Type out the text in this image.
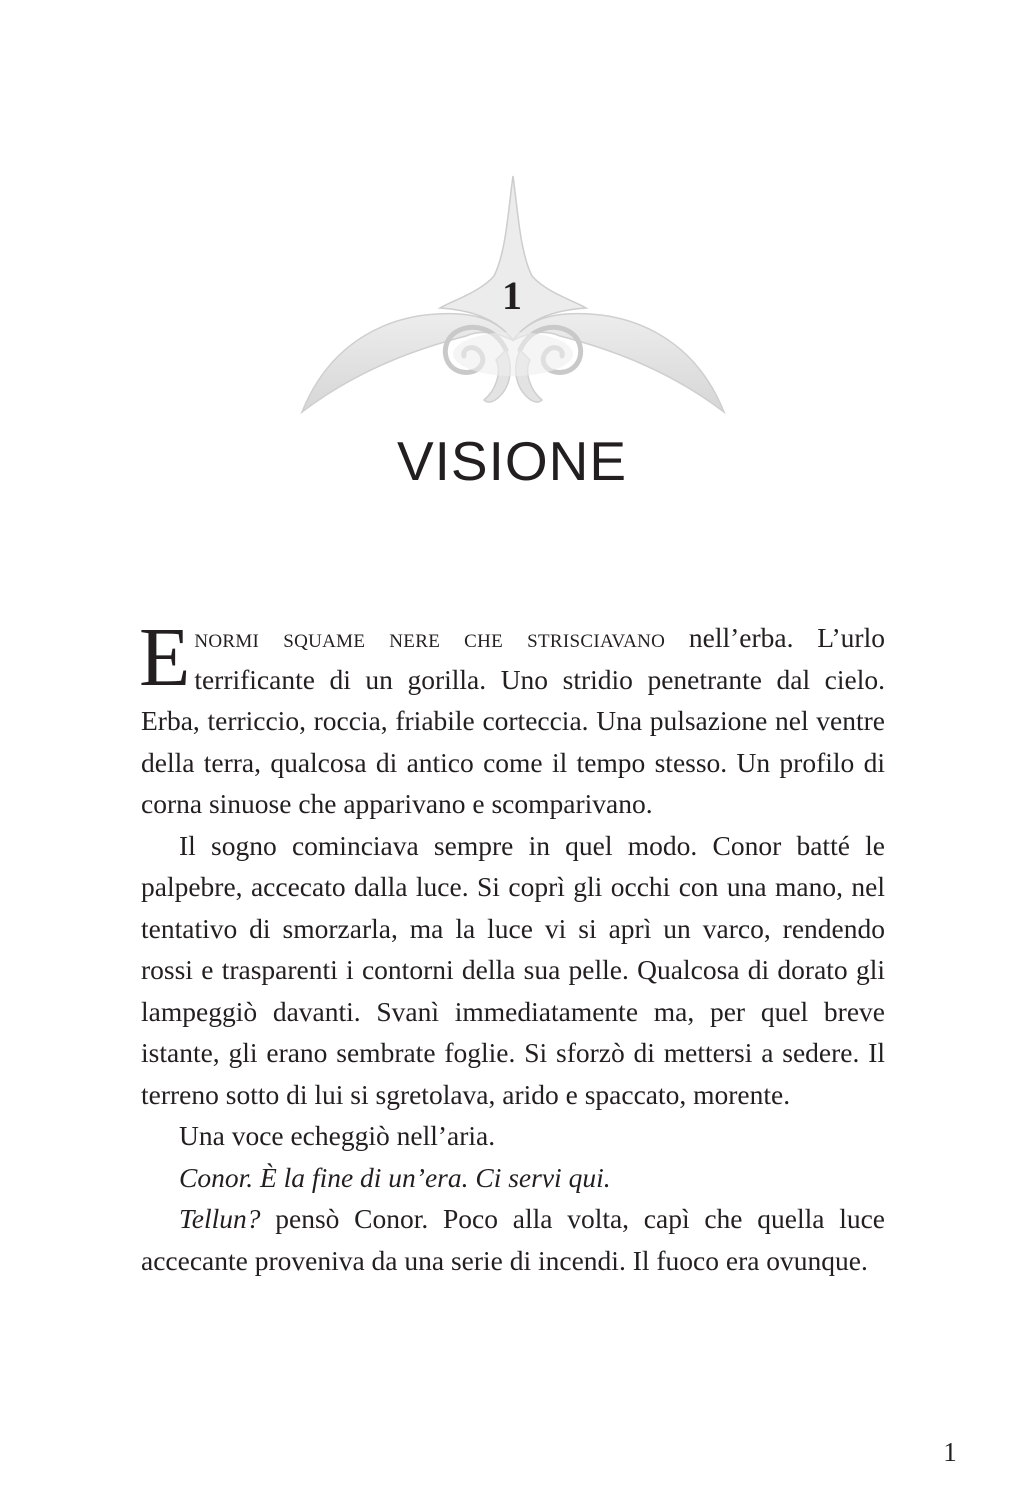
1
VISIONE

Enormi squame nere che strisciavano nell’erba. L’urlo terrificante di un gorilla. Uno stridio penetrante dal cielo. Erba, terriccio, roccia, friabile corteccia. Una pulsazione nel ventre della terra, qualcosa di antico come il tempo stesso. Un profilo di corna sinuose che apparivano e scomparivano.

Il sogno cominciava sempre in quel modo. Conor batté le palpebre, accecato dalla luce. Si coprì gli occhi con una mano, nel tentativo di smorzarla, ma la luce vi si aprì un varco, rendendo rossi e trasparenti i contorni della sua pelle. Qualcosa di dorato gli lampeggiò davanti. Svanì immediatamente ma, per quel breve istante, gli erano sembrate foglie. Si sforzò di mettersi a sedere. Il terreno sotto di lui si sgretolava, arido e spaccato, morente.

Una voce echeggiò nell’aria.

Conor. È la fine di un’era. Ci servi qui.

Tellun? pensò Conor. Poco alla volta, capì che quella luce accecante proveniva da una serie di incendi. Il fuoco era ovunque.

1
